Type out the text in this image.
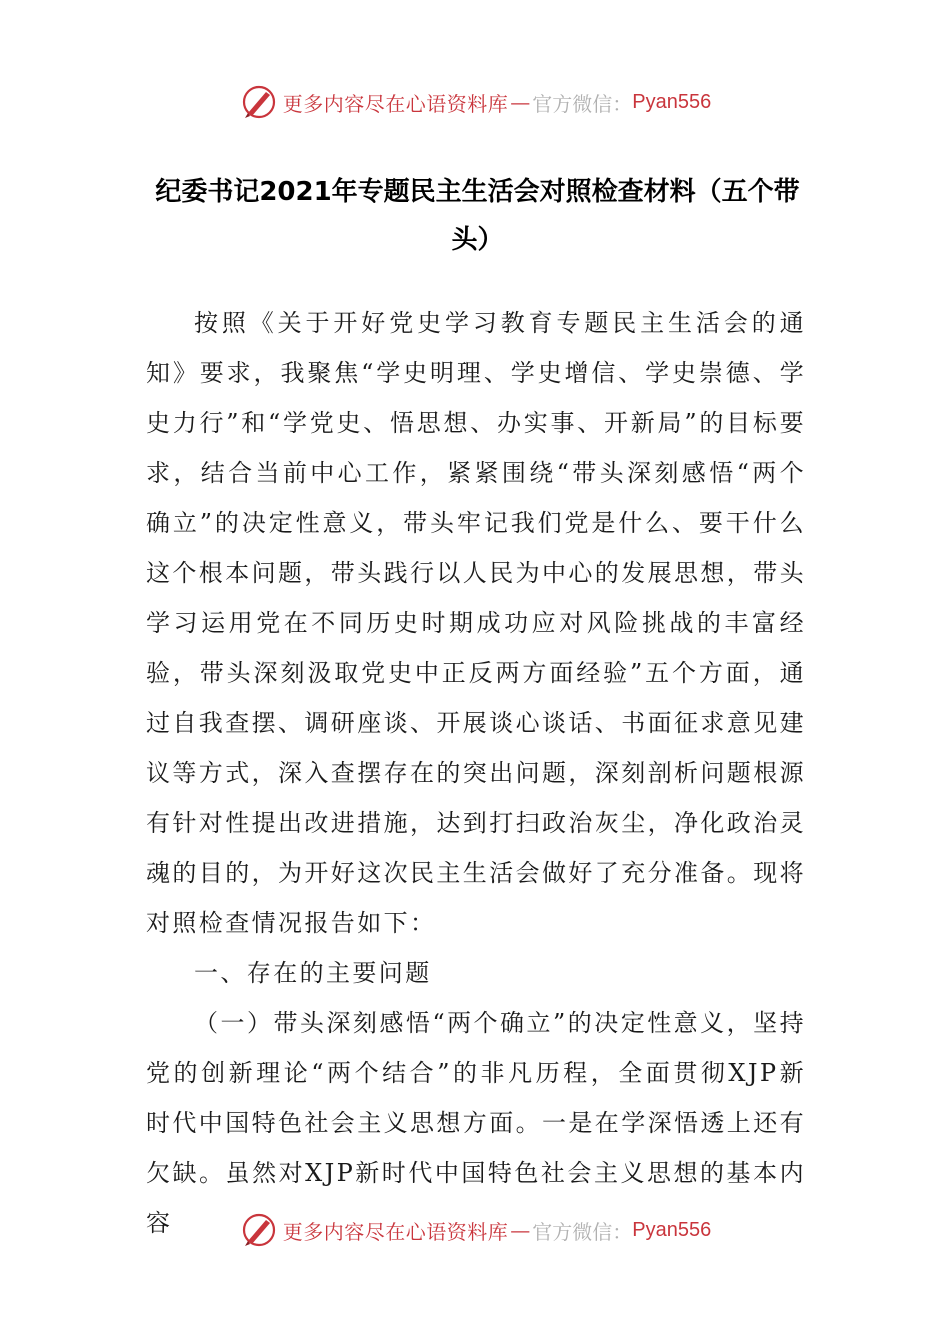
更多内容尽在心语资料库 — 官方微信： Pyan556
纪委书记2021年专题民主生活会对照检查材料（五个带头）

按照《关于开好党史学习教育专题民主生活会的通知》要求，我聚焦“学史明理、学史增信、学史崇德、学史力行”和“学党史、悟思想、办实事、开新局”的目标要求，结合当前中心工作，紧紧围绕“带头深刻感悟“两个确立”的决定性意义，带头牢记我们党是什么、要干什么这个根本问题，带头践行以人民为中心的发展思想，带头学习运用党在不同历史时期成功应对风险挑战的丰富经验，带头深刻汲取党史中正反两方面经验”五个方面，通过自我查摆、调研座谈、开展谈心谈话、书面征求意见建议等方式，深入查摆存在的突出问题，深刻剖析问题根源有针对性提出改进措施，达到打扫政治灰尘，净化政治灵魂的目的，为开好这次民主生活会做好了充分准备。现将对照检查情况报告如下：

一、存在的主要问题

（一）带头深刻感悟“两个确立”的决定性意义，坚持党的创新理论“两个结合”的非凡历程，全面贯彻XJP新时代中国特色社会主义思想方面。一是在学深悟透上还有欠缺。虽然对XJP新时代中国特色社会主义思想的基本内容	更多内容尽在心语资料库 — 官方微信： Pyan556
